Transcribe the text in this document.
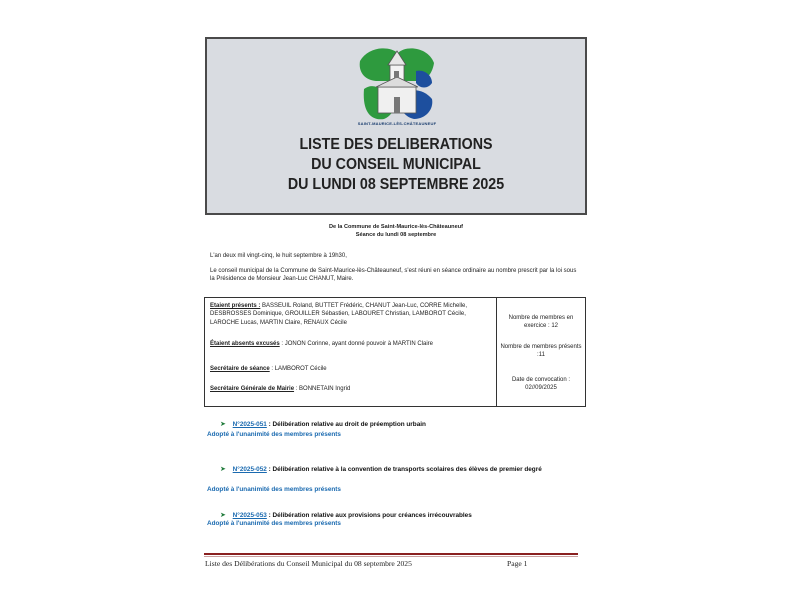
SAINT-MAURICE-LÈS-CHÂTEAUNEUF
LISTE DES DELIBERATIONS
DU CONSEIL MUNICIPAL
DU LUNDI 08 SEPTEMBRE 2025
De la Commune de Saint-Maurice-lès-Châteauneuf
Séance du lundi 08 septembre
L'an deux mil vingt-cinq, le huit septembre à 19h30,
Le conseil municipal de la Commune de Saint-Maurice-lès-Châteauneuf, s'est réuni en séance ordinaire au nombre prescrit par la loi sous la Présidence de Monsieur Jean-Luc CHANUT, Maire.
Etaient présents : BASSEUIL Roland, BUTTET Frédéric, CHANUT Jean-Luc, CORRE Michelle, DESBROSSES Dominique, GROUILLER Sébastien, LABOURET Christian, LAMBOROT Cécile, LAROCHE Lucas, MARTIN Claire, RENAUX Cécile
Étaient absents excusés : JONON Corinne, ayant donné pouvoir à MARTIN Claire
Secrétaire de séance : LAMBOROT Cécile
Secrétaire Générale de Mairie : BONNETAIN Ingrid
Nombre de membres en exercice : 12
Nombre de membres présents :11
Date de convocation :
02//09/2025
➤ N°2025-051 : Délibération relative au droit de préemption urbain
Adopté à l'unanimité des membres présents
➤ N°2025-052 : Délibération relative à la convention de transports scolaires des élèves de premier degré
Adopté à l'unanimité des membres présents
➤ N°2025-053 : Délibération relative aux provisions pour créances irrécouvrables
Adopté à l'unanimité des membres présents
Liste des Délibérations du Conseil Municipal du 08 septembre 2025	Page 1
